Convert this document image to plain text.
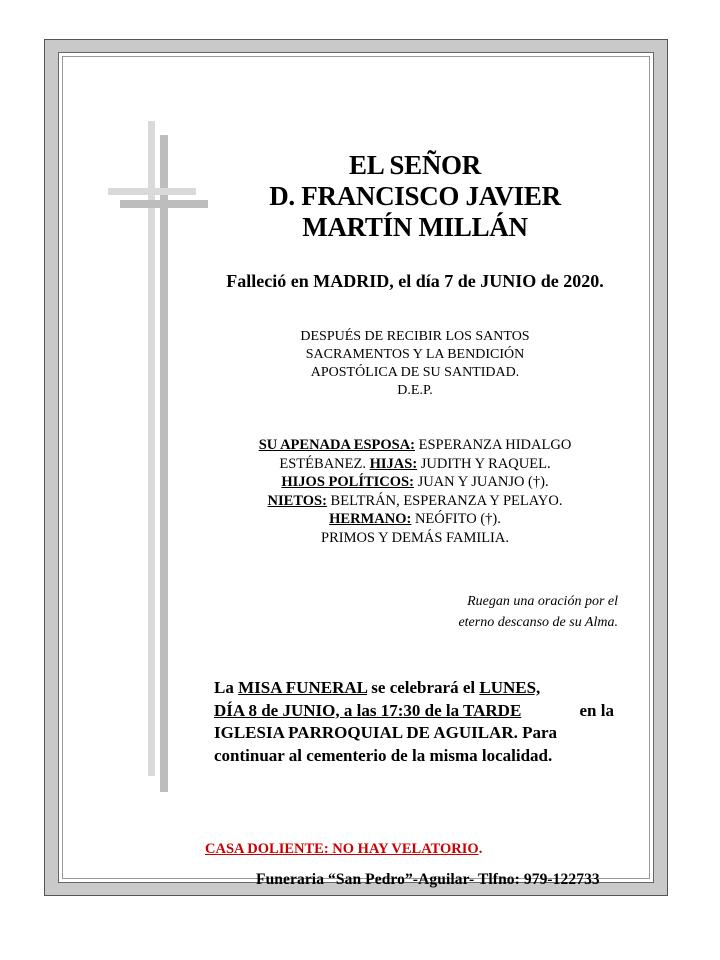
EL SEÑOR
D. FRANCISCO JAVIER
MARTÍN MILLÁN
Falleció en MADRID, el día 7 de JUNIO de 2020.
DESPUÉS DE RECIBIR LOS SANTOS
SACRAMENTOS Y LA BENDICIÓN
APOSTÓLICA DE SU SANTIDAD.
D.E.P.
SU APENADA ESPOSA: ESPERANZA HIDALGO
ESTÉBANEZ. HIJAS: JUDITH Y RAQUEL.
HIJOS POLÍTICOS: JUAN Y JUANJO (†).
NIETOS: BELTRÁN, ESPERANZA Y PELAYO.
HERMANO: NEÓFITO (†).
PRIMOS Y DEMÁS FAMILIA.
Ruegan una oración por el
eterno descanso de su Alma.
La MISA FUNERAL se celebrará el LUNES,
DÍA 8 de JUNIO, a las 17:30 de la TARDE	en la
IGLESIA PARROQUIAL DE AGUILAR. Para
continuar al cementerio de la misma localidad.
CASA DOLIENTE: NO HAY VELATORIO.
Funeraria “San Pedro”-Aguilar- Tlfno: 979-122733
